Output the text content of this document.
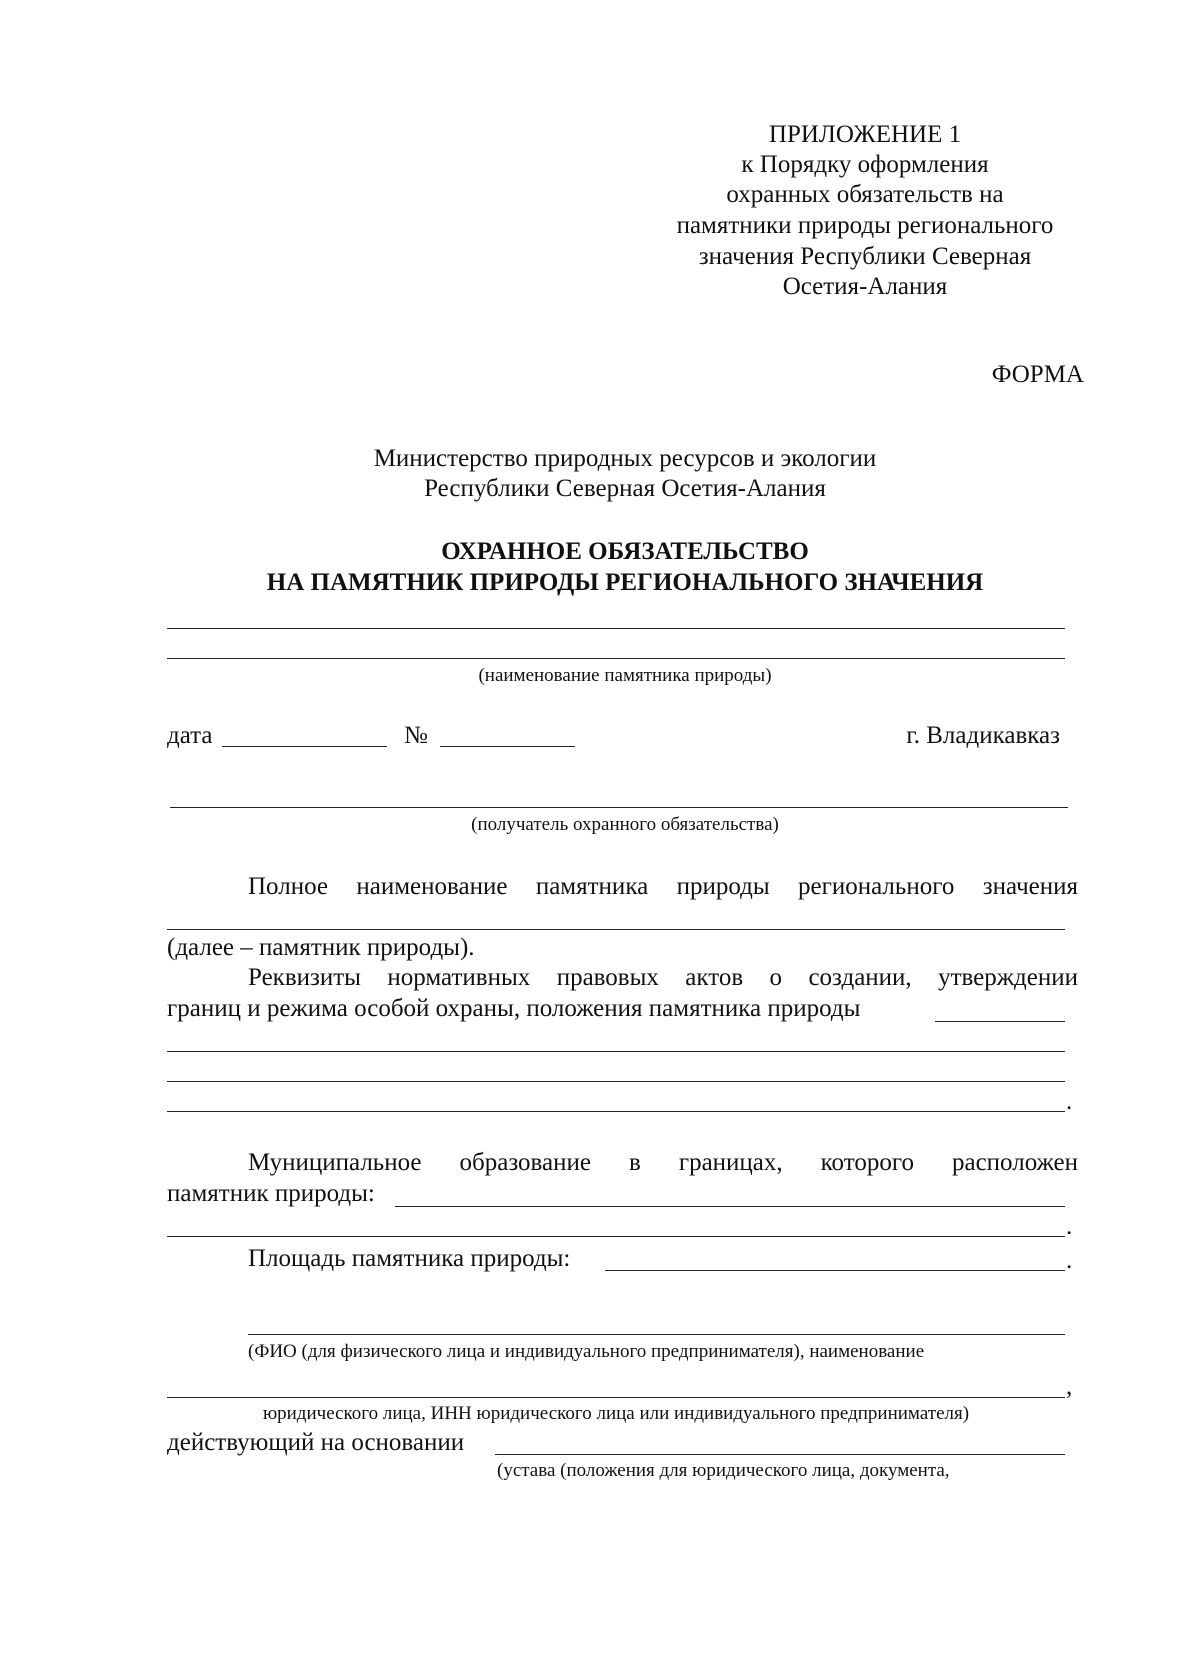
ПРИЛОЖЕНИЕ 1
к Порядку оформления
охранных обязательств на
памятники природы регионального
значения Республики Северная
Осетия-Алания
ФОРМА
Министерство природных ресурсов и экологии
Республики Северная Осетия-Алания
ОХРАННОЕ ОБЯЗАТЕЛЬСТВО
НА ПАМЯТНИК ПРИРОДЫ РЕГИОНАЛЬНОГО ЗНАЧЕНИЯ
(наименование памятника природы)
дата	№	г. Владикавказ
(получатель охранного обязательства)
Полное наименование памятника природы регионального значения
(далее – памятник природы).
Реквизиты нормативных правовых актов о создании, утверждении
границ и режима особой охраны, положения памятника природы
.
Муниципальное образование в границах, которого расположен
памятник природы:
.
Площадь памятника природы:	.
(ФИО (для физического лица и индивидуального предпринимателя), наименование
,
юридического лица, ИНН юридического лица или индивидуального предпринимателя)
действующий на основании
(устава (положения для юридического лица, документа,
